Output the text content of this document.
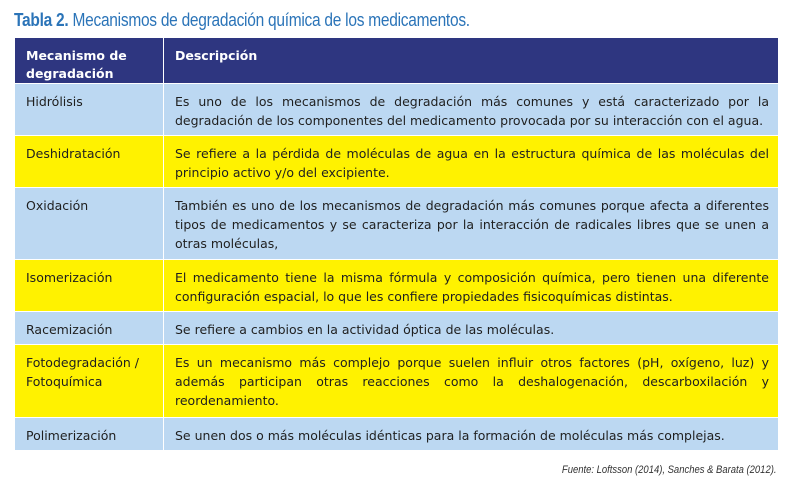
Tabla 2. Mecanismos de degradación química de los medicamentos.
Mecanismo de degradación	Descripción
Hidrólisis	Es uno de los mecanismos de degradación más comunes y está caracterizado por la degradación de los componentes del medicamento provocada por su interacción con el agua.
Deshidratación	Se refiere a la pérdida de moléculas de agua en la estructura química de las moléculas del principio activo y/o del excipiente.
Oxidación	También es uno de los mecanismos de degradación más comunes porque afecta a diferentes tipos de medicamentos y se caracteriza por la interacción de radicales libres que se unen a otras moléculas,
Isomerización	El medicamento tiene la misma fórmula y composición química, pero tienen una diferente configuración espacial, lo que les confiere propiedades fisicoquímicas distintas.
Racemización	Se refiere a cambios en la actividad óptica de las moléculas.
Fotodegradación / Fotoquímica	Es un mecanismo más complejo porque suelen influir otros factores (pH, oxígeno, luz) y además participan otras reacciones como la deshalogenación, descarboxilación y reordenamiento.
Polimerización	Se unen dos o más moléculas idénticas para la formación de moléculas más complejas.
Fuente: Loftsson (2014), Sanches & Barata (2012).
